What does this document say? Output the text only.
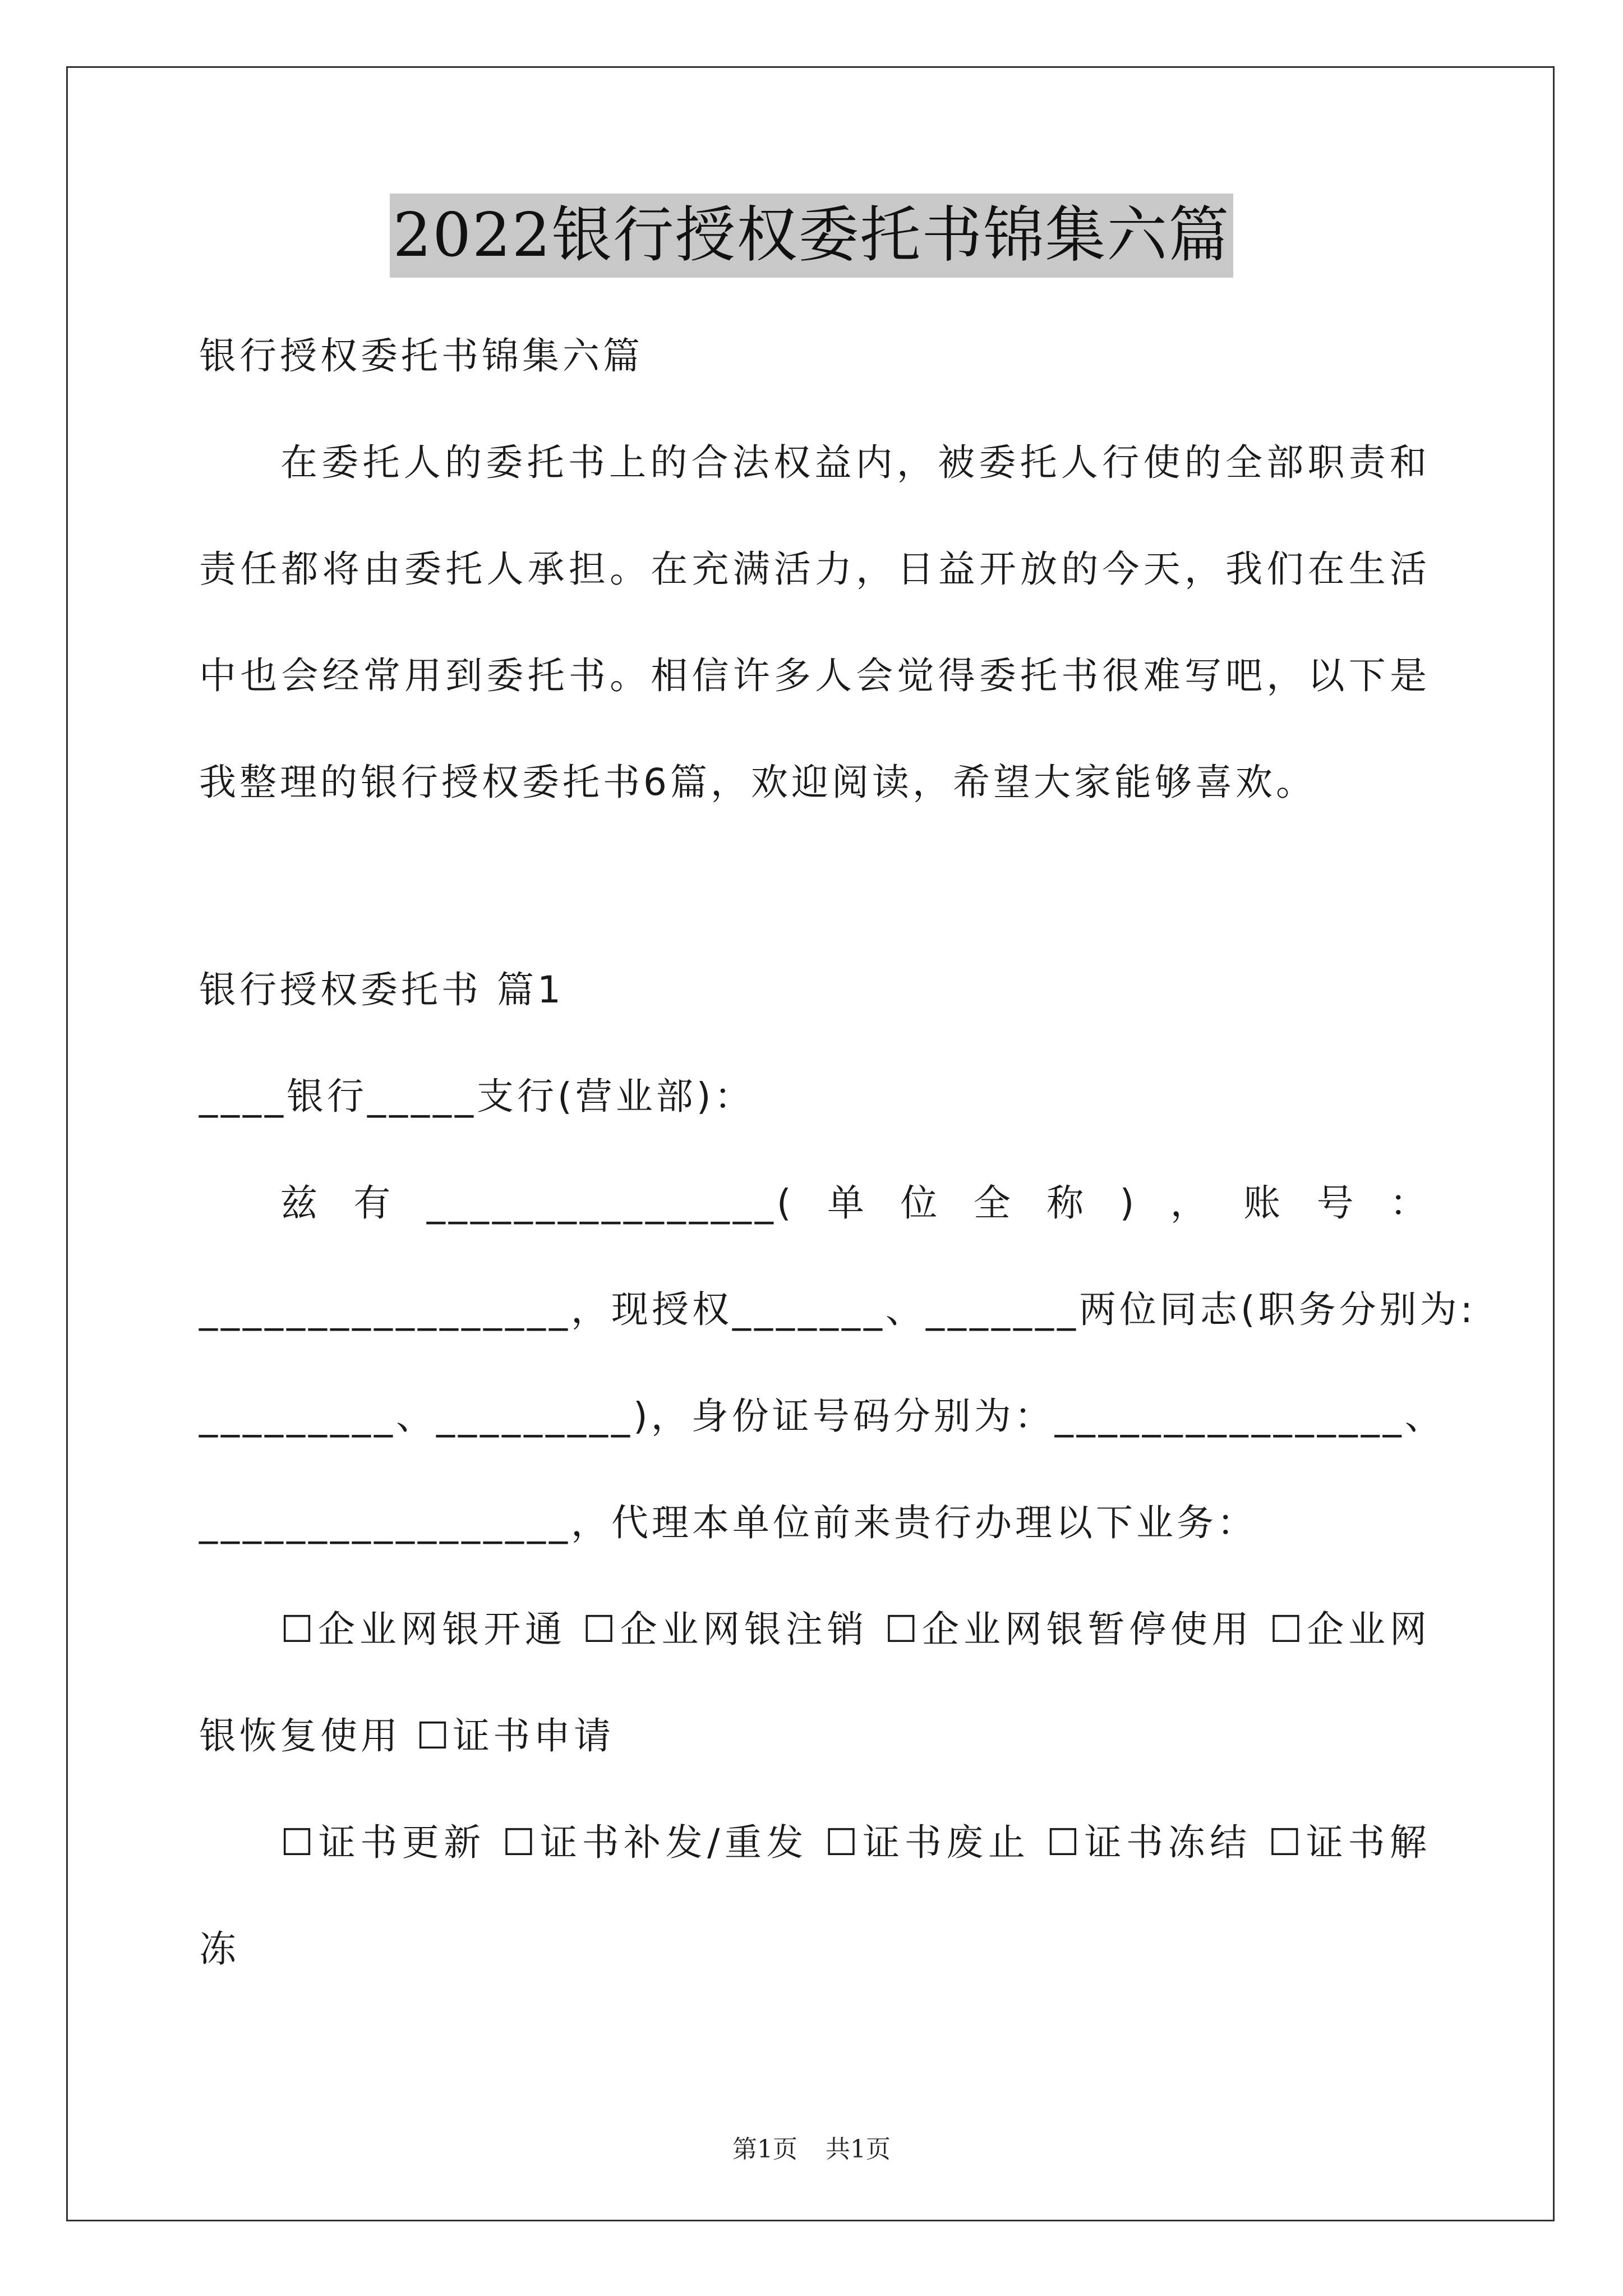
2022银行授权委托书锦集六篇
银行授权委托书锦集六篇
在委托人的委托书上的合法权益内，被委托人行使的全部职责和
责任都将由委托人承担。在充满活力，日益开放的今天，我们在生活
中也会经常用到委托书。相信许多人会觉得委托书很难写吧，以下是
我整理的银行授权委托书6篇，欢迎阅读，希望大家能够喜欢。
银行授权委托书 篇1
____银行_____支行(营业部)：
兹有________________(单位全称)，账号：
_________________，现授权_______、_______两位同志(职务分别为:
_________、_________)，身份证号码分别为：________________、
_________________，代理本单位前来贵行办理以下业务：
☐企业网银开通 ☐企业网银注销 ☐企业网银暂停使用 ☐企业网
银恢复使用 ☐证书申请
☐证书更新 ☐证书补发/重发 ☐证书废止 ☐证书冻结 ☐证书解
冻
第1页 共1页
